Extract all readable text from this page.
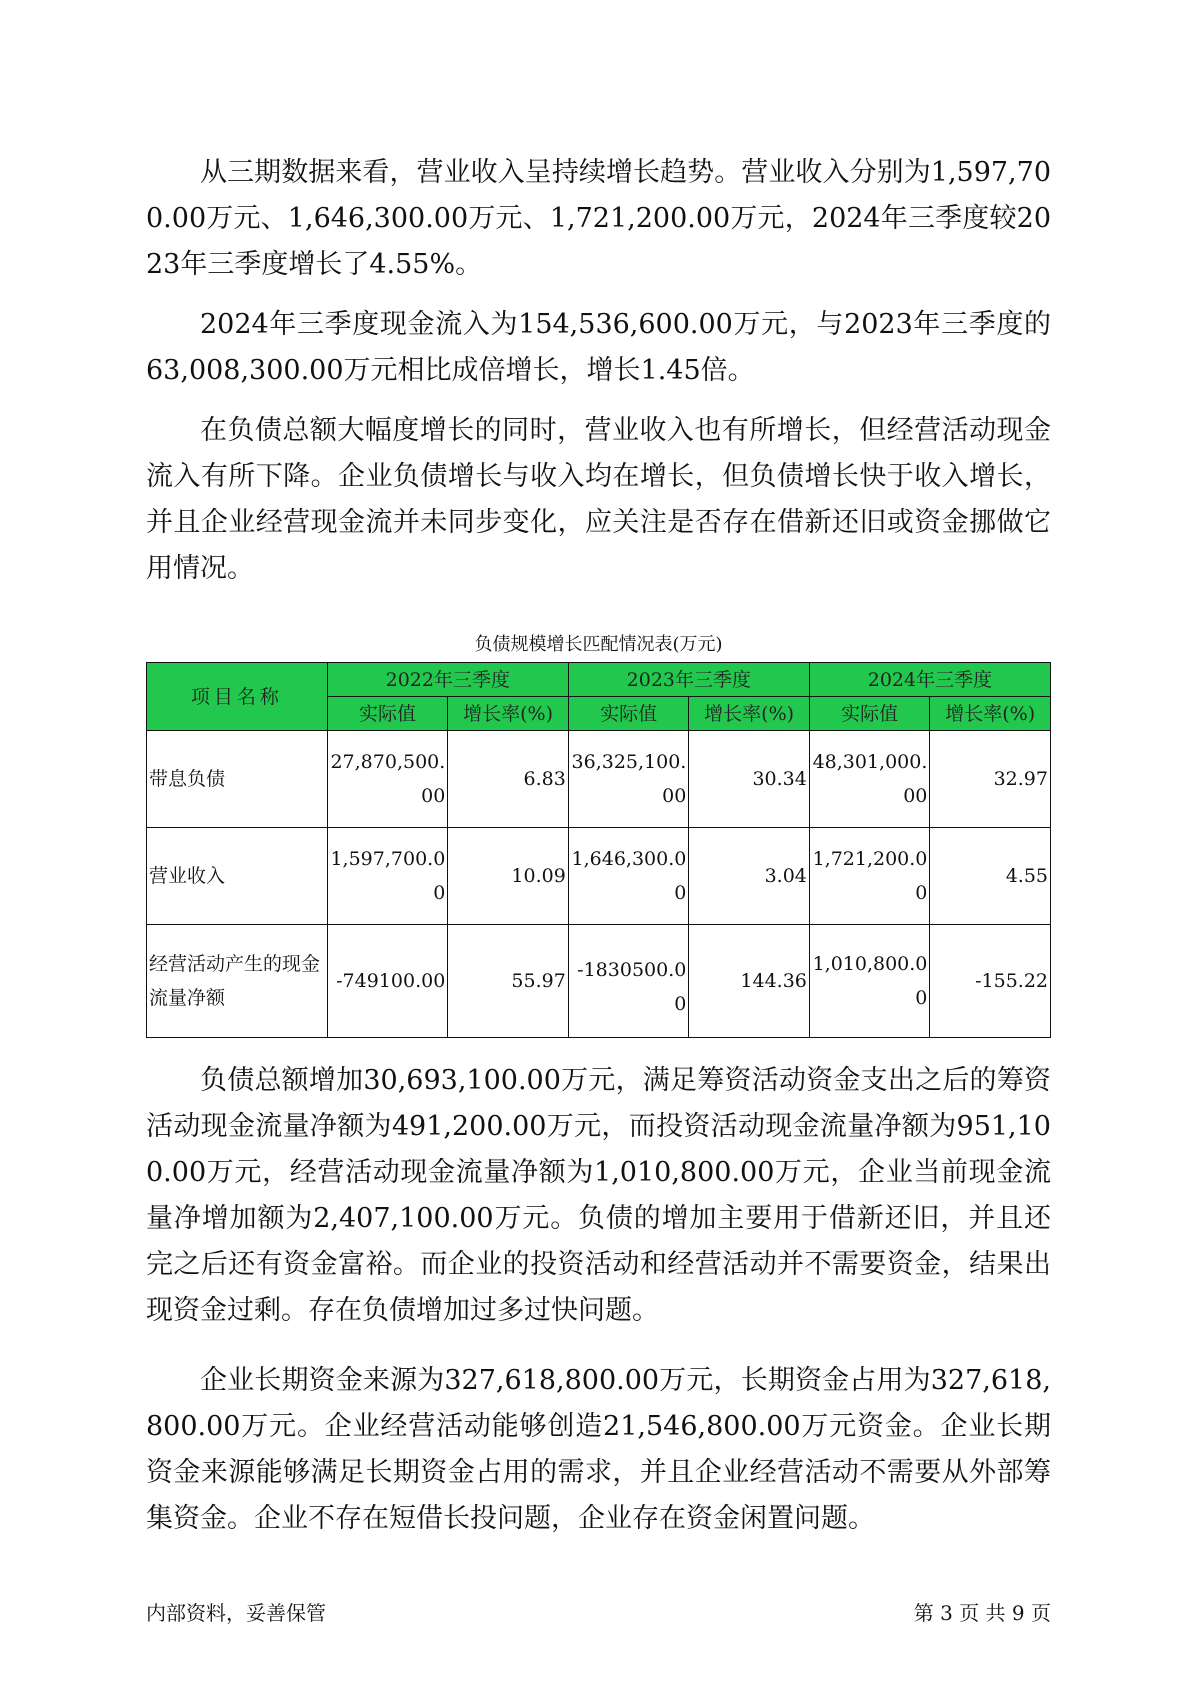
从三期数据来看，营业收入呈持续增长趋势。营业收入分别为1,597,700.00万元、1,646,300.00万元、1,721,200.00万元，2024年三季度较2023年三季度增长了4.55%。

2024年三季度现金流入为154,536,600.00万元，与2023年三季度的63,008,300.00万元相比成倍增长，增长1.45倍。

在负债总额大幅度增长的同时，营业收入也有所增长，但经营活动现金流入有所下降。企业负债增长与收入均在增长，但负债增长快于收入增长，并且企业经营现金流并未同步变化，应关注是否存在借新还旧或资金挪做它用情况。

负债规模增长匹配情况表(万元)
项目名称	2022年三季度		2023年三季度		2024年三季度	
	实际值	增长率(%)	实际值	增长率(%)	实际值	增长率(%)
带息负债	27,870,500.00	6.83	36,325,100.00	30.34	48,301,000.00	32.97
营业收入	1,597,700.00	10.09	1,646,300.00	3.04	1,721,200.00	4.55
经营活动产生的现金流量净额	-749100.00	55.97	-1830500.00	144.36	1,010,800.00	-155.22

负债总额增加30,693,100.00万元，满足筹资活动资金支出之后的筹资活动现金流量净额为491,200.00万元，而投资活动现金流量净额为951,100.00万元，经营活动现金流量净额为1,010,800.00万元，企业当前现金流量净增加额为2,407,100.00万元。负债的增加主要用于借新还旧，并且还完之后还有资金富裕。而企业的投资活动和经营活动并不需要资金，结果出现资金过剩。存在负债增加过多过快问题。

企业长期资金来源为327,618,800.00万元，长期资金占用为327,618,800.00万元。企业经营活动能够创造21,546,800.00万元资金。企业长期资金来源能够满足长期资金占用的需求，并且企业经营活动不需要从外部筹集资金。企业不存在短借长投问题，企业存在资金闲置问题。

内部资料，妥善保管	第 3 页 共 9 页
